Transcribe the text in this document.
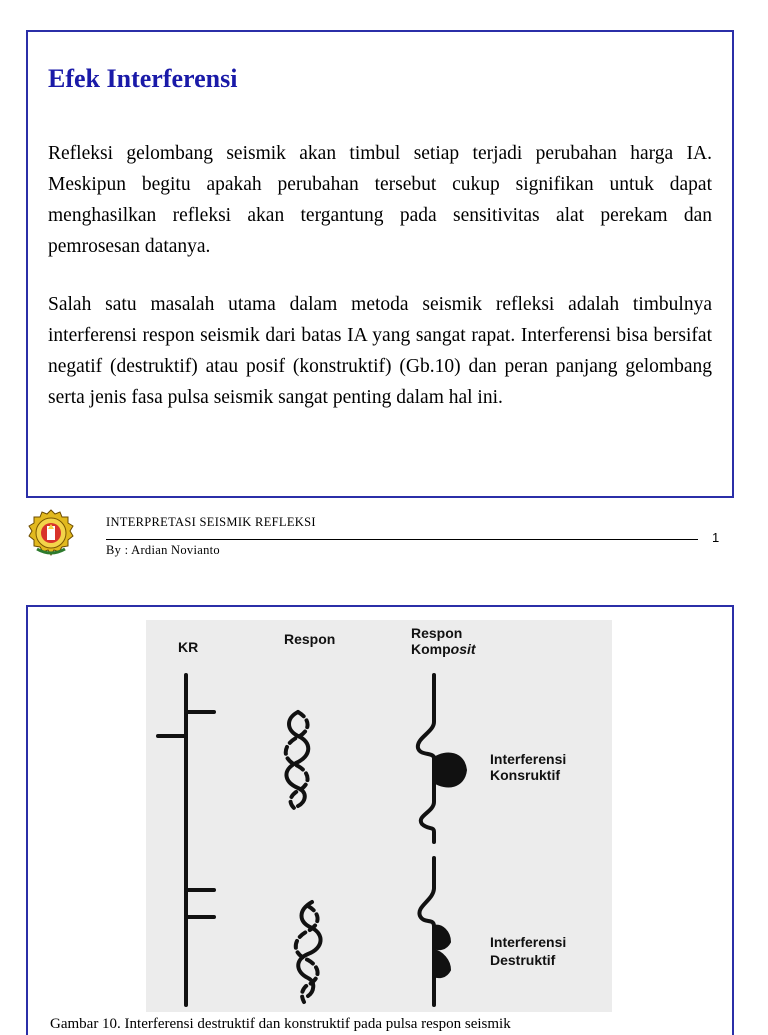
Efek Interferensi

Refleksi gelombang seismik akan timbul setiap terjadi perubahan harga IA. Meskipun begitu apakah perubahan tersebut cukup signifikan untuk dapat menghasilkan refleksi akan tergantung pada sensitivitas alat perekam dan pemrosesan datanya.

Salah satu masalah utama dalam metoda seismik refleksi adalah timbulnya interferensi respon seismik dari batas IA yang sangat rapat. Interferensi bisa bersifat negatif (destruktif) atau posif (konstruktif) (Gb.10) dan peran panjang gelombang serta jenis fasa pulsa seismik sangat penting dalam hal ini.

INTERPRETASI SEISMIK REFLEKSI
By : Ardian Novianto
1
KR	Respon	Respon
Komposit
Interferensi
Konsruktif
Interferensi
Destruktif
Gambar 10. Interferensi destruktif dan konstruktif pada pulsa respon seismik
